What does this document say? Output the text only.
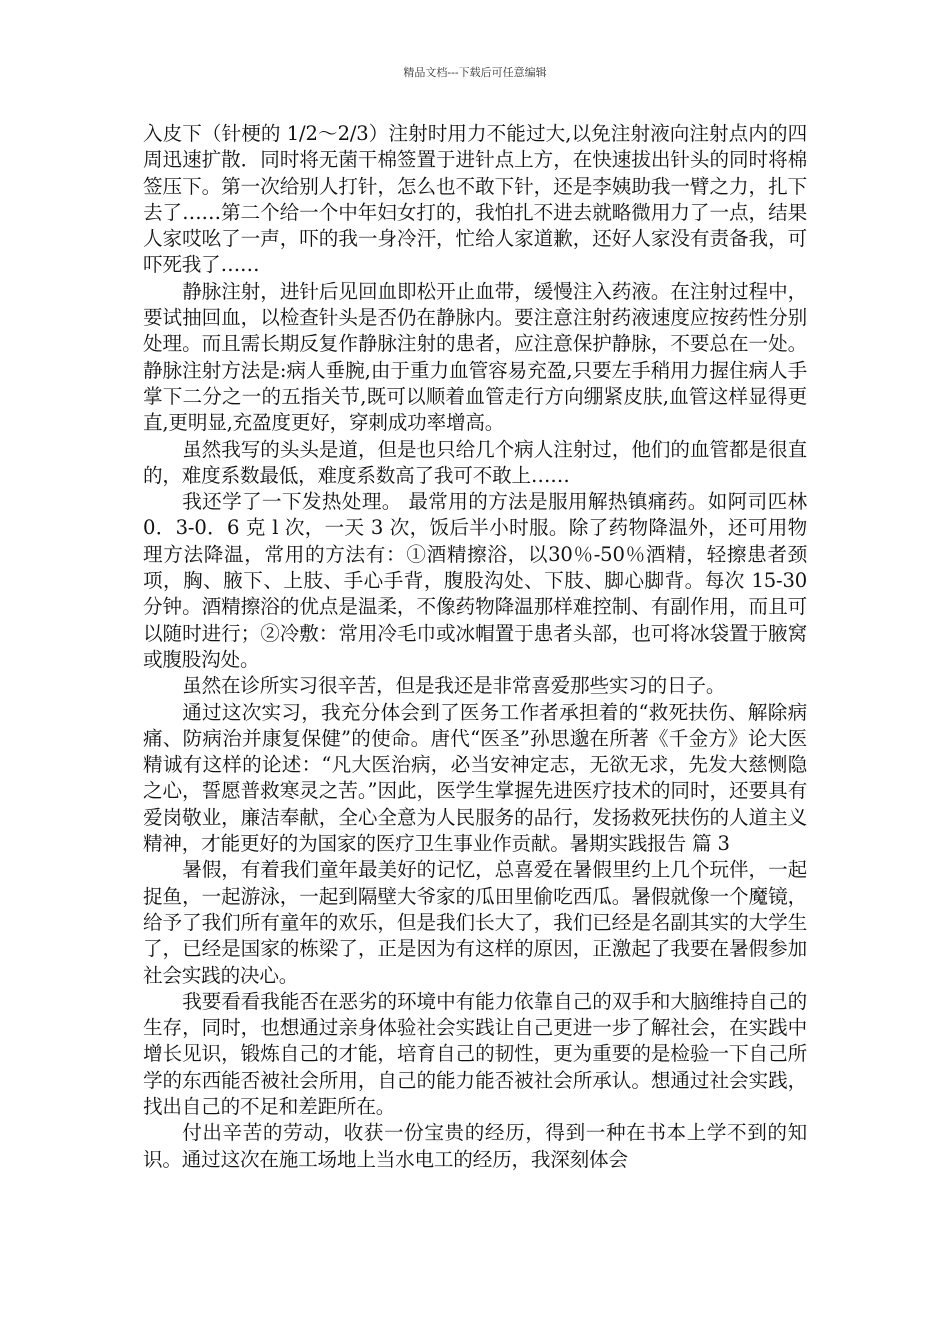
精品文档---下载后可任意编辑

入皮下（针梗的 1/2～2/3）注射时用力不能过大,以免注射液向注射点内的四周迅速扩散．同时将无菌干棉签置于进针点上方，在快速拔出针头的同时将棉签压下。第一次给别人打针，怎么也不敢下针，还是李姨助我一臂之力，扎下去了……第二个给一个中年妇女打的，我怕扎不进去就略微用力了一点，结果人家哎吆了一声，吓的我一身冷汗，忙给人家道歉，还好人家没有责备我，可吓死我了……

静脉注射，进针后见回血即松开止血带，缓慢注入药液。在注射过程中，要试抽回血，以检查针头是否仍在静脉内。要注意注射药液速度应按药性分别处理。而且需长期反复作静脉注射的患者，应注意保护静脉，不要总在一处。 静脉注射方法是:病人垂腕,由于重力血管容易充盈,只要左手稍用力握住病人手掌下二分之一的五指关节,既可以顺着血管走行方向绷紧皮肤,血管这样显得更直,更明显,充盈度更好，穿刺成功率增高。

虽然我写的头头是道，但是也只给几个病人注射过，他们的血管都是很直的，难度系数最低，难度系数高了我可不敢上……

我还学了一下发热处理。 最常用的方法是服用解热镇痛药。如阿司匹林 0．3-0．6 克 l 次，一天 3 次，饭后半小时服。除了药物降温外，还可用物理方法降温，常用的方法有：①酒精擦浴，以30％-50％酒精，轻擦患者颈项，胸、腋下、上肢、手心手背，腹股沟处、下肢、脚心脚背。每次 15-30 分钟。酒精擦浴的优点是温柔，不像药物降温那样难控制、有副作用，而且可以随时进行；②冷敷：常用冷毛巾或冰帽置于患者头部，也可将冰袋置于腋窝或腹股沟处。

虽然在诊所实习很辛苦，但是我还是非常喜爱那些实习的日子。

通过这次实习，我充分体会到了医务工作者承担着的“救死扶伤、解除病痛、防病治并康复保健”的使命。唐代“医圣”孙思邈在所著《千金方》论大医精诚有这样的论述：“凡大医治病，必当安神定志，无欲无求，先发大慈恻隐之心，誓愿普救寒灵之苦。”因此，医学生掌握先进医疗技术的同时，还要具有爱岗敬业，廉洁奉献，全心全意为人民服务的品行，发扬救死扶伤的人道主义精神，才能更好的为国家的医疗卫生事业作贡献。暑期实践报告 篇 3

暑假，有着我们童年最美好的记忆，总喜爱在暑假里约上几个玩伴，一起捉鱼，一起游泳，一起到隔壁大爷家的瓜田里偷吃西瓜。暑假就像一个魔镜，给予了我们所有童年的欢乐，但是我们长大了，我们已经是名副其实的大学生了，已经是国家的栋梁了，正是因为有这样的原因，正激起了我要在暑假参加社会实践的决心。

我要看看我能否在恶劣的环境中有能力依靠自己的双手和大脑维持自己的生存，同时，也想通过亲身体验社会实践让自己更进一步了解社会，在实践中增长见识，锻炼自己的才能，培育自己的韧性，更为重要的是检验一下自己所学的东西能否被社会所用，自己的能力能否被社会所承认。想通过社会实践，找出自己的不足和差距所在。

付出辛苦的劳动，收获一份宝贵的经历，得到一种在书本上学不到的知识。通过这次在施工场地上当水电工的经历，我深刻体会
